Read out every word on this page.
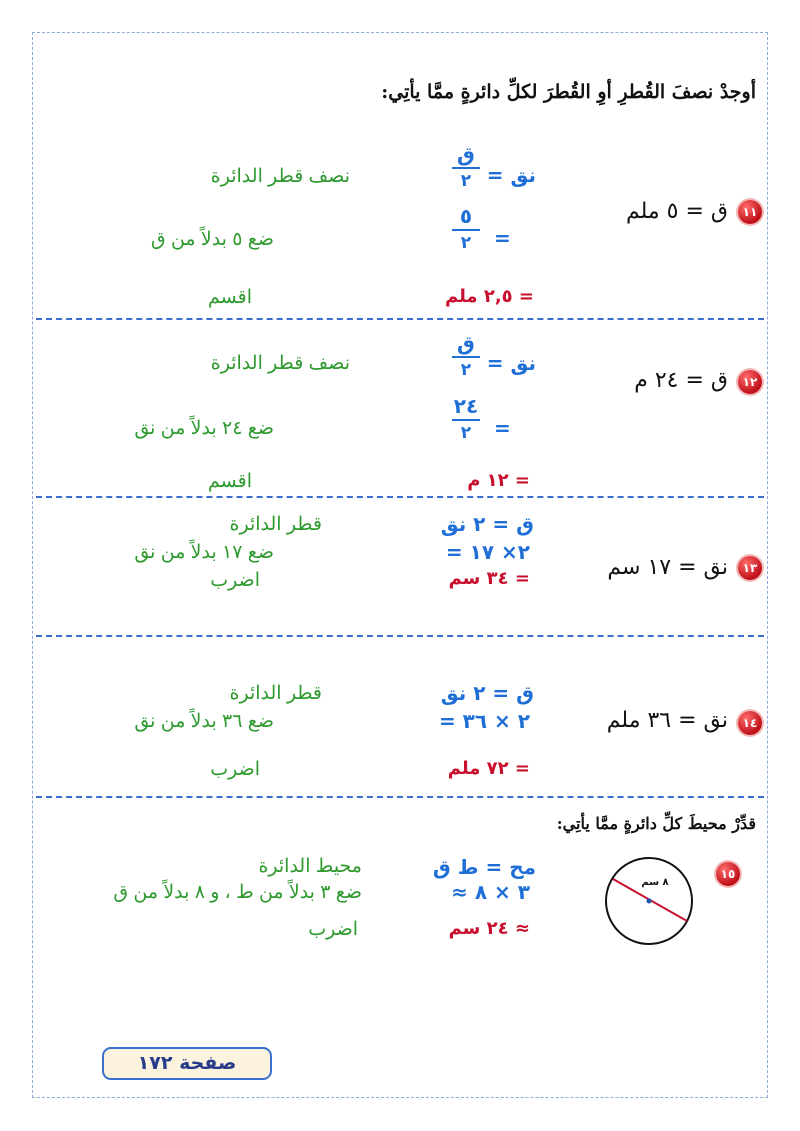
أوجدْ نصفَ القُطرِ أوِ القُطرَ لكلِّ دائرةٍ ممَّا يأتِي:
١١
ق = ٥ ملم
نق =
ق
٢
نصف قطر الدائرة
٥
٢	=
ضع ٥ بدلاً من ق
= ٢,٥ ملم
اقسم
١٢
ق = ٢٤ م
نق =
ق
٢
نصف قطر الدائرة
٢٤
٢	=
ضع ٢٤ بدلاً من نق
= ١٢ م
اقسم
١٣
نق = ١٧ سم
ق = ٢ نق
قطر الدائرة
= ٢× ١٧
ضع ١٧ بدلاً من نق
= ٣٤ سم
اضرب
١٤
نق = ٣٦ ملم
ق = ٢ نق
قطر الدائرة
= ٢ × ٣٦
ضع ٣٦ بدلاً من نق
= ٧٢ ملم
اضرب
قدِّرْ محيطَ كلِّ دائرةٍ ممَّا يأتِي:
١٥
٨ سم
مح = ط ق
محيط الدائرة
≈ ٣ × ٨
ضع ٣ بدلاً من ط ، و ٨ بدلاً من ق
≈ ٢٤ سم
اضرب
صفحة ١٧٢
